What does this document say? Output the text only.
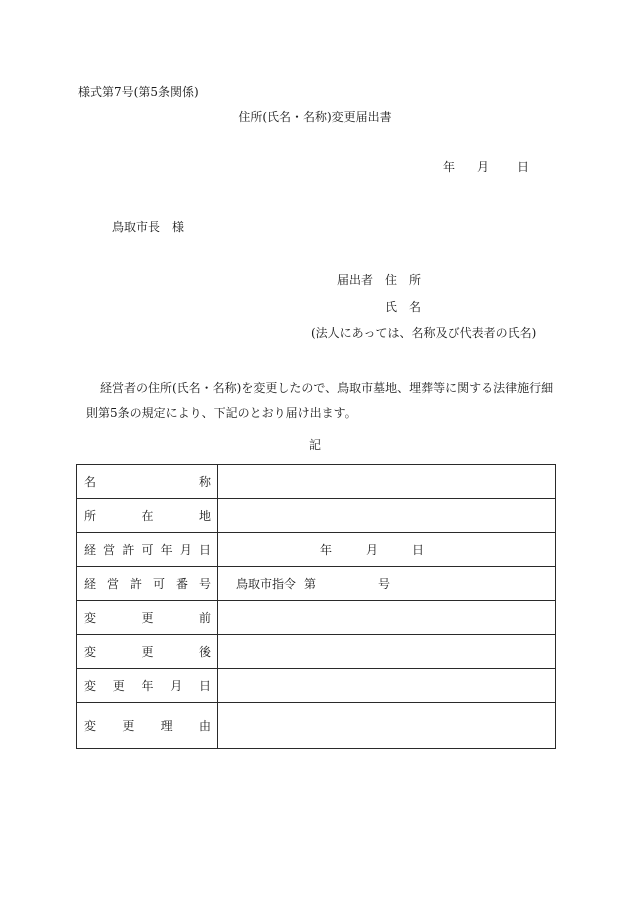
様式第7号(第5条関係)
住所(氏名・名称)変更届出書
年 月 日
鳥取市長 様
届出者 住　所
氏　名
(法人にあっては、名称及び代表者の氏名)
経営者の住所(氏名・名称)を変更したので、鳥取市墓地、埋葬等に関する法律施行細則第5条の規定により、下記のとおり届け出ます。
記
名称	
所在地	
経営許可年月日	年 月 日
経営許可番号	鳥取市指令 第 号
変更前	
変更後	
変更年月日	
変更理由	
